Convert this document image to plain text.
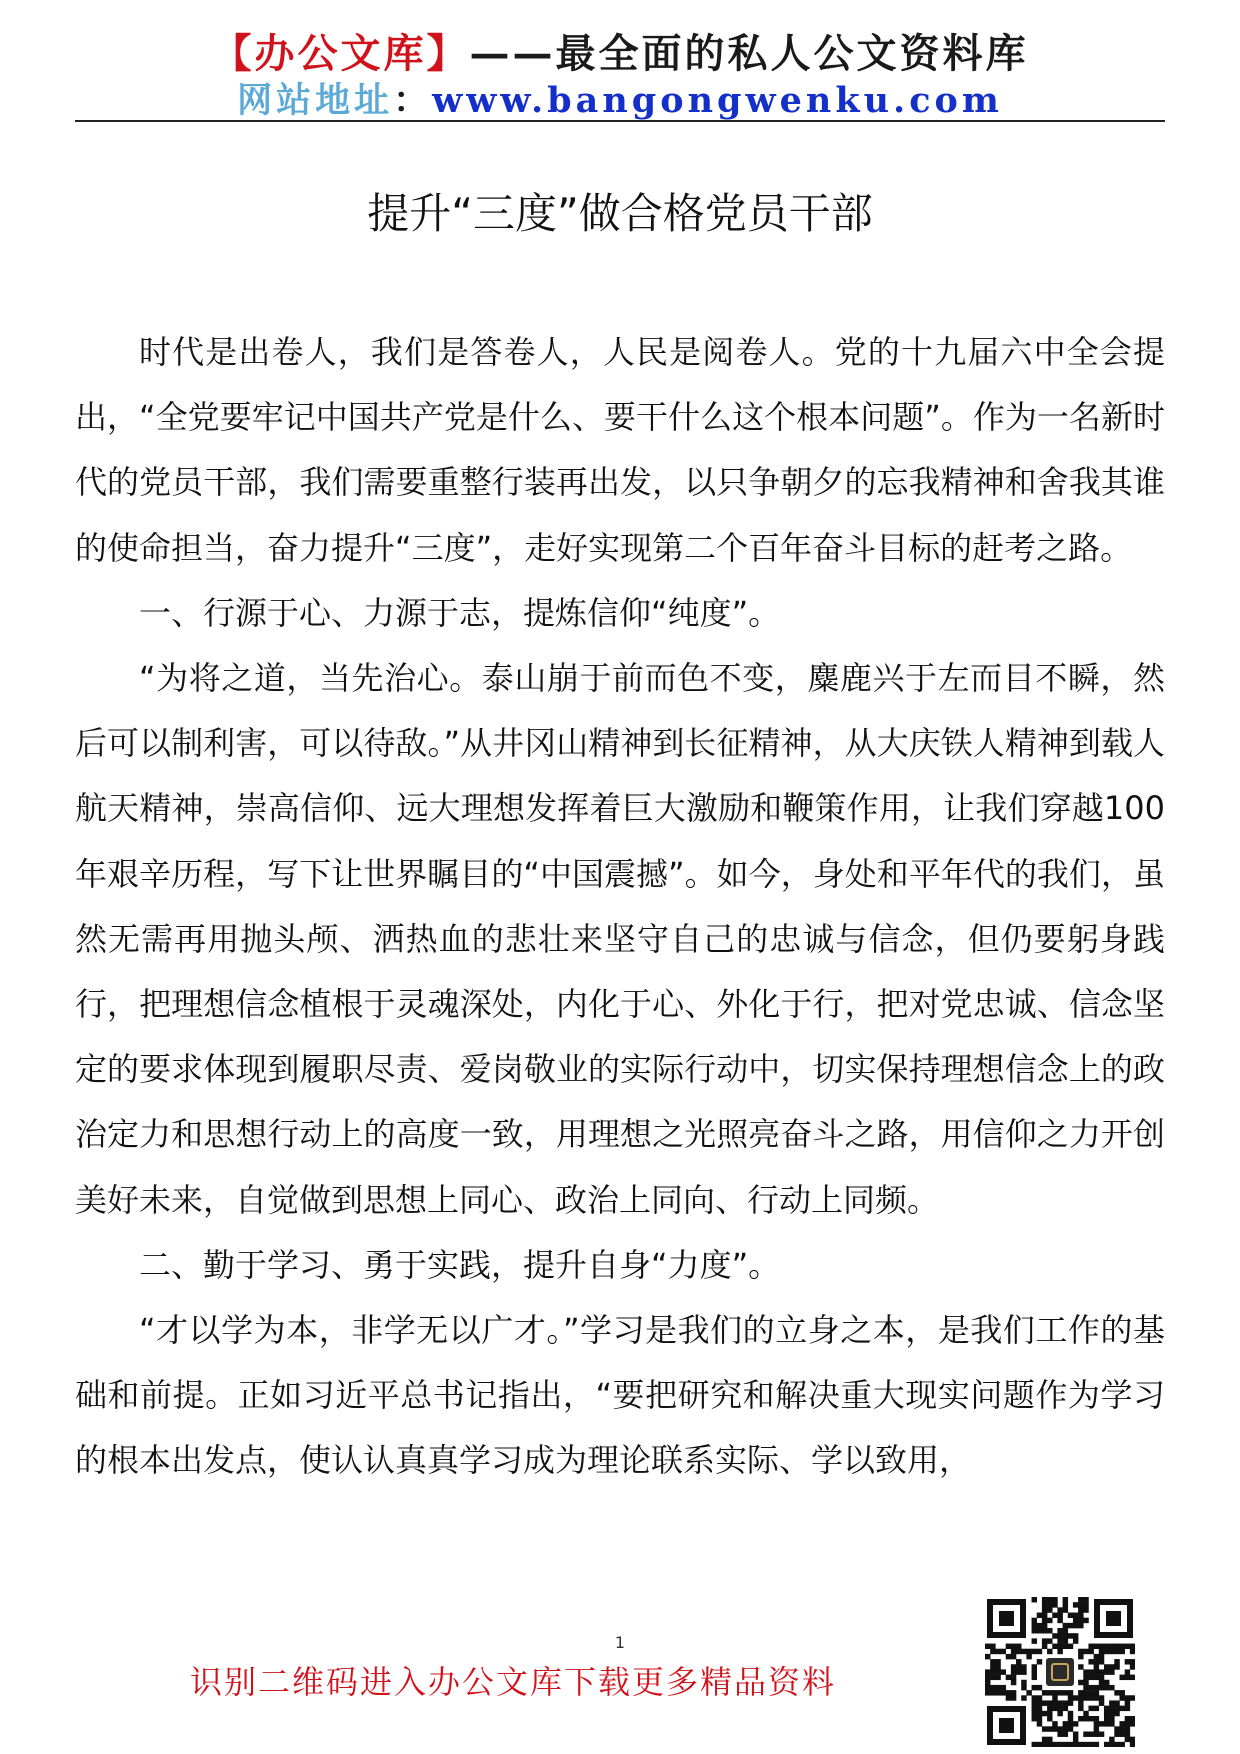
【办公文库】——最全面的私人公文资料库
网站地址：www.bangongwenku.com
提升“三度”做合格党员干部

时代是出卷人，我们是答卷人，人民是阅卷人。党的十九届六中全会提出，“全党要牢记中国共产党是什么、要干什么这个根本问题”。作为一名新时代的党员干部，我们需要重整行装再出发，以只争朝夕的忘我精神和舍我其谁的使命担当，奋力提升“三度”，走好实现第二个百年奋斗目标的赶考之路。

一、行源于心、力源于志，提炼信仰“纯度”。

“为将之道，当先治心。泰山崩于前而色不变，麋鹿兴于左而目不瞬，然后可以制利害，可以待敌。”从井冈山精神到长征精神，从大庆铁人精神到载人航天精神，崇高信仰、远大理想发挥着巨大激励和鞭策作用，让我们穿越100年艰辛历程，写下让世界瞩目的“中国震撼”。如今，身处和平年代的我们，虽然无需再用抛头颅、洒热血的悲壮来坚守自己的忠诚与信念，但仍要躬身践行，把理想信念植根于灵魂深处，内化于心、外化于行，把对党忠诚、信念坚定的要求体现到履职尽责、爱岗敬业的实际行动中，切实保持理想信念上的政治定力和思想行动上的高度一致，用理想之光照亮奋斗之路，用信仰之力开创美好未来，自觉做到思想上同心、政治上同向、行动上同频。

二、勤于学习、勇于实践，提升自身“力度”。

“才以学为本，非学无以广才。”学习是我们的立身之本，是我们工作的基础和前提。正如习近平总书记指出，“要把研究和解决重大现实问题作为学习的根本出发点，使认认真真学习成为理论联系实际、学以致用，

1
识别二维码进入办公文库下载更多精品资料
